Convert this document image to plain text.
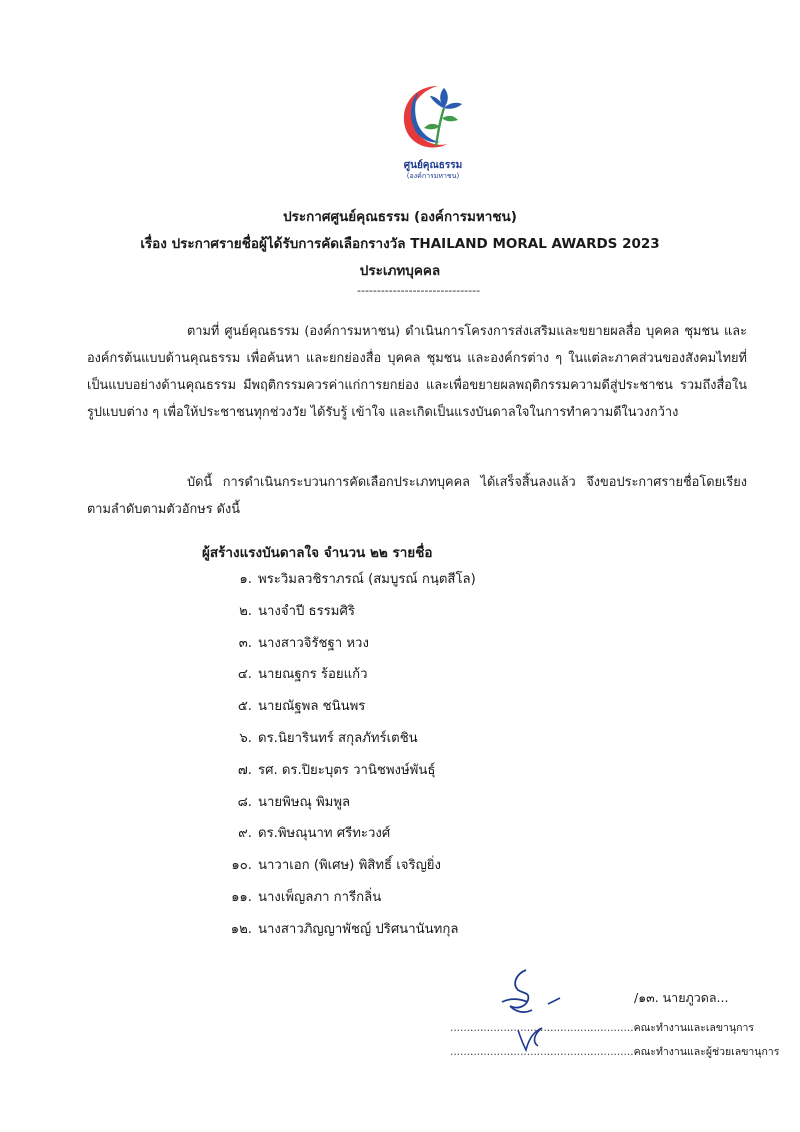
ศูนย์คุณธรรม
(องค์การมหาชน)
ประกาศศูนย์คุณธรรม (องค์การมหาชน)
เรื่อง ประกาศรายชื่อผู้ได้รับการคัดเลือกรางวัล THAILAND MORAL AWARDS 2023
ประเภทบุคคล
-------------------------------
ตามที่ ศูนย์คุณธรรม (องค์การมหาชน) ดำเนินการโครงการส่งเสริมและขยายผลสื่อ บุคคล ชุมชน และองค์กรต้นแบบด้านคุณธรรม เพื่อค้นหา และยกย่องสื่อ บุคคล ชุมชน และองค์กรต่าง ๆ ในแต่ละภาคส่วนของสังคมไทยที่เป็นแบบอย่างด้านคุณธรรม มีพฤติกรรมควรค่าแก่การยกย่อง และเพื่อขยายผลพฤติกรรมความดีสู่ประชาชน รวมถึงสื่อในรูปแบบต่าง ๆ เพื่อให้ประชาชนทุกช่วงวัย ได้รับรู้ เข้าใจ และเกิดเป็นแรงบันดาลใจในการทำความดีในวงกว้าง
บัดนี้ การดำเนินกระบวนการคัดเลือกประเภทบุคคล ได้เสร็จสิ้นลงแล้ว จึงขอประกาศรายชื่อโดยเรียงตามลำดับตามตัวอักษร ดังนี้
ผู้สร้างแรงบันดาลใจ จำนวน ๒๒ รายชื่อ
๑. พระวิมลวชิราภรณ์ (สมบูรณ์ กนฺตสีโล)
๒. นางจำปี ธรรมศิริ
๓. นางสาวจิรัชฐา หวง
๔. นายณฐกร ร้อยแก้ว
๕. นายณัฐพล ชนินพร
๖. ดร.นิยารินทร์ สกุลภัทร์เตชิน
๗. รศ. ดร.ปิยะบุตร วานิชพงษ์พันธุ์
๘. นายพิษณุ พิมพูล
๙. ดร.พิษณุนาท ศรีทะวงศ์
๑๐. นาวาเอก (พิเศษ) พิสิทธิ์ เจริญยิ่ง
๑๑. นางเพ็ญลภา การีกลิ่น
๑๒. นางสาวภิญญาพัชญ์ ปริศนานันทกุล
/๑๓. นายภูวดล...
.......................................................คณะทำงานและเลขานุการ
.......................................................คณะทำงานและผู้ช่วยเลขานุการ
